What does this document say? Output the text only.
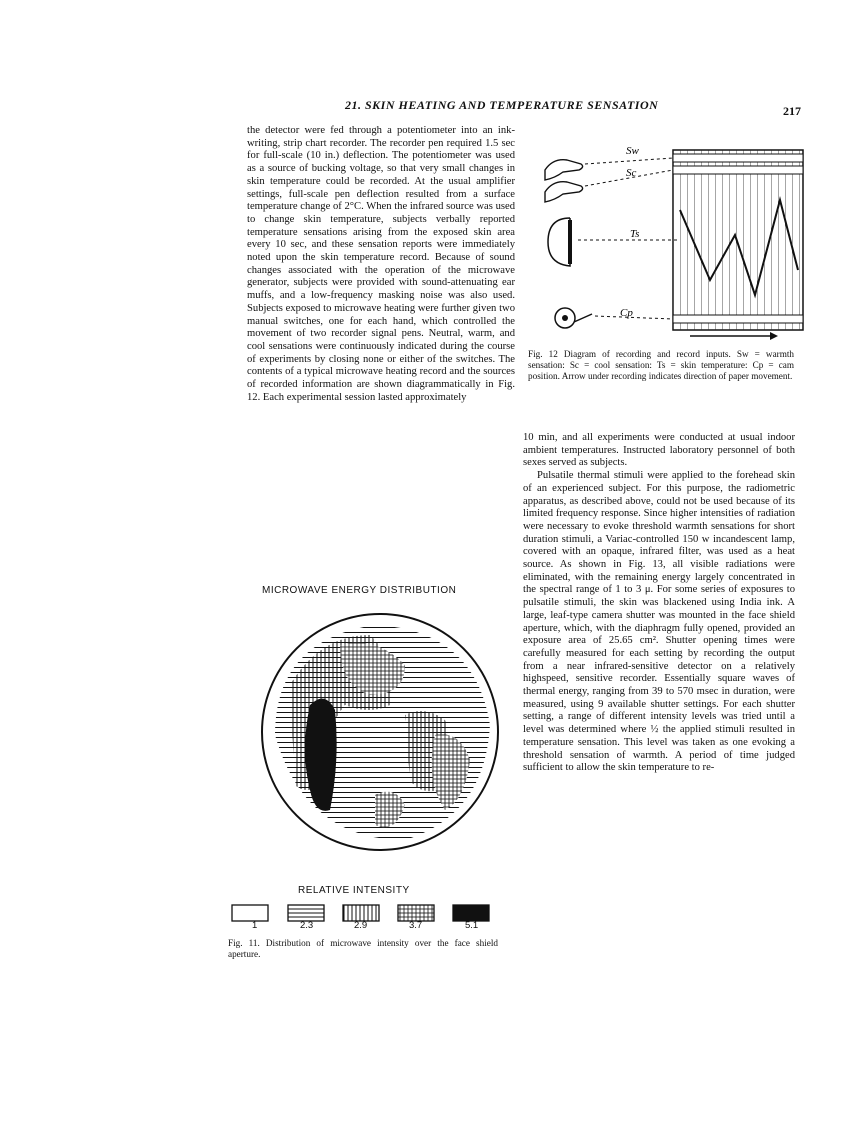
21. SKIN HEATING AND TEMPERATURE SENSATION	217

the detector were fed through a potentiometer into an ink-writing, strip chart recorder. The recorder pen required 1.5 sec for full-scale (10 in.) deflection. The potentiometer was used as a source of bucking voltage, so that very small changes in skin temperature could be recorded. At the usual amplifier settings, full-scale pen deflection resulted from a surface temperature change of 2°C. When the infrared source was used to change skin temperature, subjects verbally reported temperature sensations arising from the exposed skin area every 10 sec, and these sensation reports were immediately noted upon the skin temperature record. Because of sound changes associated with the operation of the microwave generator, subjects were provided with sound-attenuating ear muffs, and a low-frequency masking noise was also used. Subjects exposed to microwave heating were further given two manual switches, one for each hand, which controlled the movement of two recorder signal pens. Neutral, warm, and cool sensations were continuously indicated during the course of experiments by closing none or either of the switches. The contents of a typical microwave heating record and the sources of recorded information are shown diagrammatically in Fig. 12. Each experimental session lasted approximately

10 min, and all experiments were conducted at usual indoor ambient temperatures. Instructed laboratory personnel of both sexes served as subjects.

Pulsatile thermal stimuli were applied to the forehead skin of an experienced subject. For this purpose, the radiometric apparatus, as described above, could not be used because of its limited frequency response. Since higher intensities of radiation were necessary to evoke threshold warmth sensations for short duration stimuli, a Variac-controlled 150 w incandescent lamp, covered with an opaque, infrared filter, was used as a heat source. As shown in Fig. 13, all visible radiations were eliminated, with the remaining energy largely concentrated in the spectral range of 1 to 3 μ. For some series of exposures to pulsatile stimuli, the skin was blackened using India ink. A large, leaf-type camera shutter was mounted in the face shield aperture, which, with the diaphragm fully opened, provided an exposure area of 25.65 cm². Shutter opening times were carefully measured for each setting by recording the output from a near infrared-sensitive detector on a relatively highspeed, sensitive recorder. Essentially square waves of thermal energy, ranging from 39 to 570 msec in duration, were measured, using 9 available shutter settings. For each shutter setting, a range of different intensity levels was tried until a level was determined where ½ the applied stimuli resulted in temperature sensation. This level was taken as one evoking a threshold sensation of warmth. A period of time judged sufficient to allow the skin temperature to re-

Sw
Sc
Ts
Cp
Fig. 12 Diagram of recording and record inputs. Sw = warmth sensation: Sc = cool sensation: Ts = skin temperature: Cp = cam position. Arrow under recording indicates direction of paper movement.
MICROWAVE ENERGY DISTRIBUTION
RELATIVE INTENSITY
1	2.3	2.9	3.7	5.1
Fig. 11. Distribution of microwave intensity over the face shield aperture.
